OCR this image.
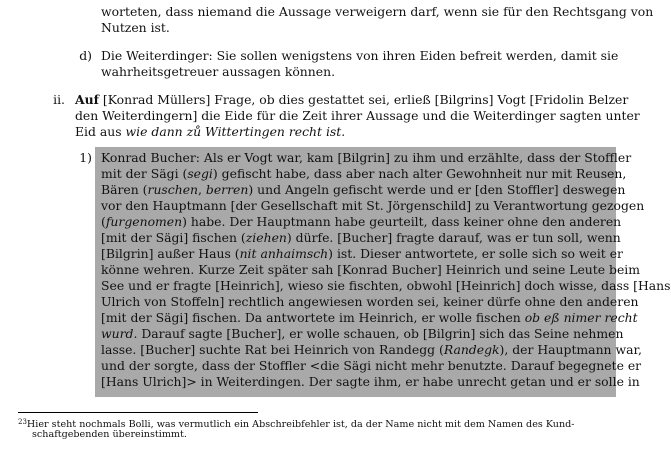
worteten, dass niemand die Aussage verweigern darf, wenn sie für den Rechtsgang von
Nutzen ist.
d) Die Weiterdinger: Sie sollen wenigstens von ihren Eiden befreit werden, damit sie
wahrheitsgetreuer aussagen können.
ii. Auf [Konrad Müllers] Frage, ob dies gestattet sei, erließ [Bilgrins] Vogt [Fridolin Belzer
den Weiterdingern] die Eide für die Zeit ihrer Aussage und die Weiterdinger sagten unter
Eid aus wie dann zů Wittertingen recht ist.
1) Konrad Bucher: Als er Vogt war, kam [Bilgrin] zu ihm und erzählte, dass der Stoffler
mit der Sägi (segi) gefischt habe, dass aber nach alter Gewohnheit nur mit Reusen,
Bären (ruschen, berren) und Angeln gefischt werde und er [den Stoffler] deswegen
vor den Hauptmann [der Gesellschaft mit St. Jörgenschild] zu Verantwortung gezogen
(furgenomen) habe. Der Hauptmann habe geurteilt, dass keiner ohne den anderen
[mit der Sägi] fischen (ziehen) dürfe. [Bucher] fragte darauf, was er tun soll, wenn
[Bilgrin] außer Haus (nit anhaimsch) ist. Dieser antwortete, er solle sich so weit er
könne wehren. Kurze Zeit später sah [Konrad Bucher] Heinrich und seine Leute beim
See und er fragte [Heinrich], wieso sie fischten, obwohl [Heinrich] doch wisse, dass [Hans
Ulrich von Stoffeln] rechtlich angewiesen worden sei, keiner dürfe ohne den anderen
[mit der Sägi] fischen. Da antwortete im Heinrich, er wolle fischen ob eß nimer recht
wurd. Darauf sagte [Bucher], er wolle schauen, ob [Bilgrin] sich das Seine nehmen
lasse. [Bucher] suchte Rat bei Heinrich von Randegg (Randegk), der Hauptmann war,
und der sorgte, dass der Stoffler <die Sägi nicht mehr benutzte. Darauf begegnete er
[Hans Ulrich]> in Weiterdingen. Der sagte ihm, er habe unrecht getan und er solle in
$^{23}$Hier steht nochmals Bolli, was vermutlich ein Abschreibfehler ist, da der Name nicht mit dem Namen des Kund-
schaftgebenden übereinstimmt.
